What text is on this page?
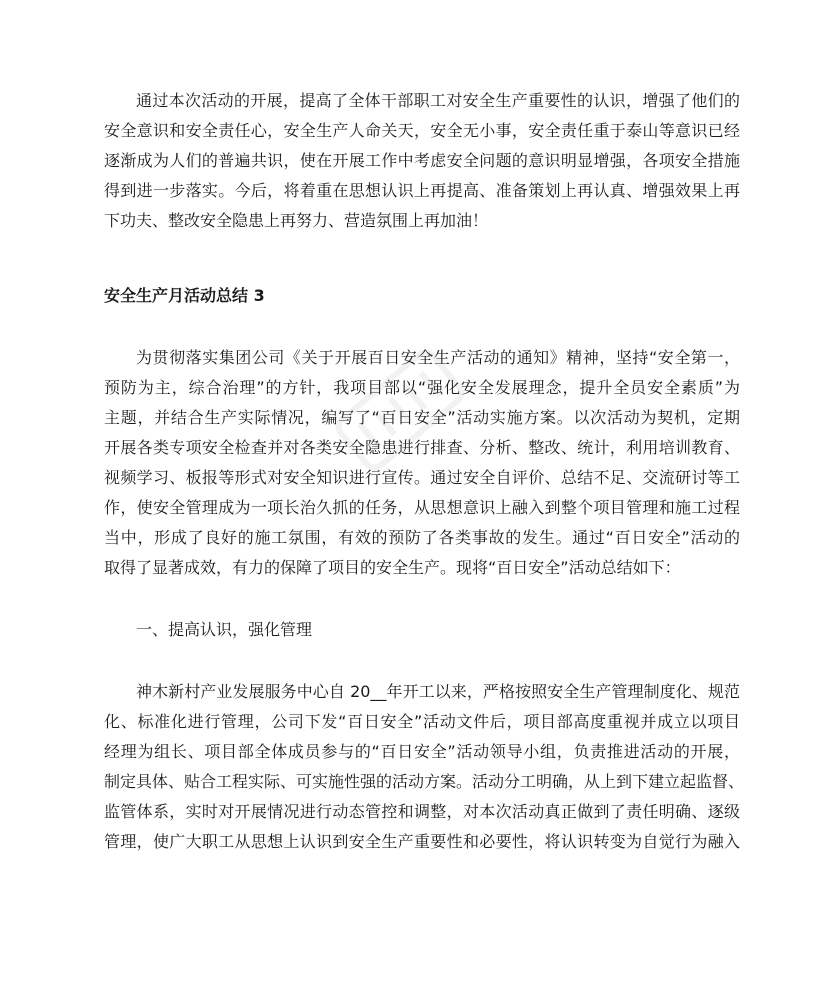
通过本次活动的开展，提高了全体干部职工对安全生产重要性的认识，增强了他们的
安全意识和安全责任心，安全生产人命关天，安全无小事，安全责任重于泰山等意识已经
逐渐成为人们的普遍共识，使在开展工作中考虑安全问题的意识明显增强，各项安全措施
得到进一步落实。今后，将着重在思想认识上再提高、准备策划上再认真、增强效果上再
下功夫、整改安全隐患上再努力、营造氛围上再加油！
安全生产月活动总结 3
为贯彻落实集团公司《关于开展百日安全生产活动的通知》精神，坚持“安全第一，
预防为主，综合治理”的方针，我项目部以“强化安全发展理念，提升全员安全素质”为
主题，并结合生产实际情况，编写了“百日安全”活动实施方案。以次活动为契机，定期
开展各类专项安全检查并对各类安全隐患进行排查、分析、整改、统计，利用培训教育、
视频学习、板报等形式对安全知识进行宣传。通过安全自评价、总结不足、交流研讨等工
作，使安全管理成为一项长治久抓的任务，从思想意识上融入到整个项目管理和施工过程
当中，形成了良好的施工氛围，有效的预防了各类事故的发生。通过“百日安全”活动的
取得了显著成效，有力的保障了项目的安全生产。现将“百日安全”活动总结如下：

一、提高认识，强化管理

神木新村产业发展服务中心自 20__年开工以来，严格按照安全生产管理制度化、规范
化、标准化进行管理，公司下发“百日安全”活动文件后，项目部高度重视并成立以项目
经理为组长、项目部全体成员参与的“百日安全”活动领导小组，负责推进活动的开展，
制定具体、贴合工程实际、可实施性强的活动方案。活动分工明确，从上到下建立起监督、
监管体系，实时对开展情况进行动态管控和调整，对本次活动真正做到了责任明确、逐级
管理，使广大职工从思想上认识到安全生产重要性和必要性，将认识转变为自觉行为融入
